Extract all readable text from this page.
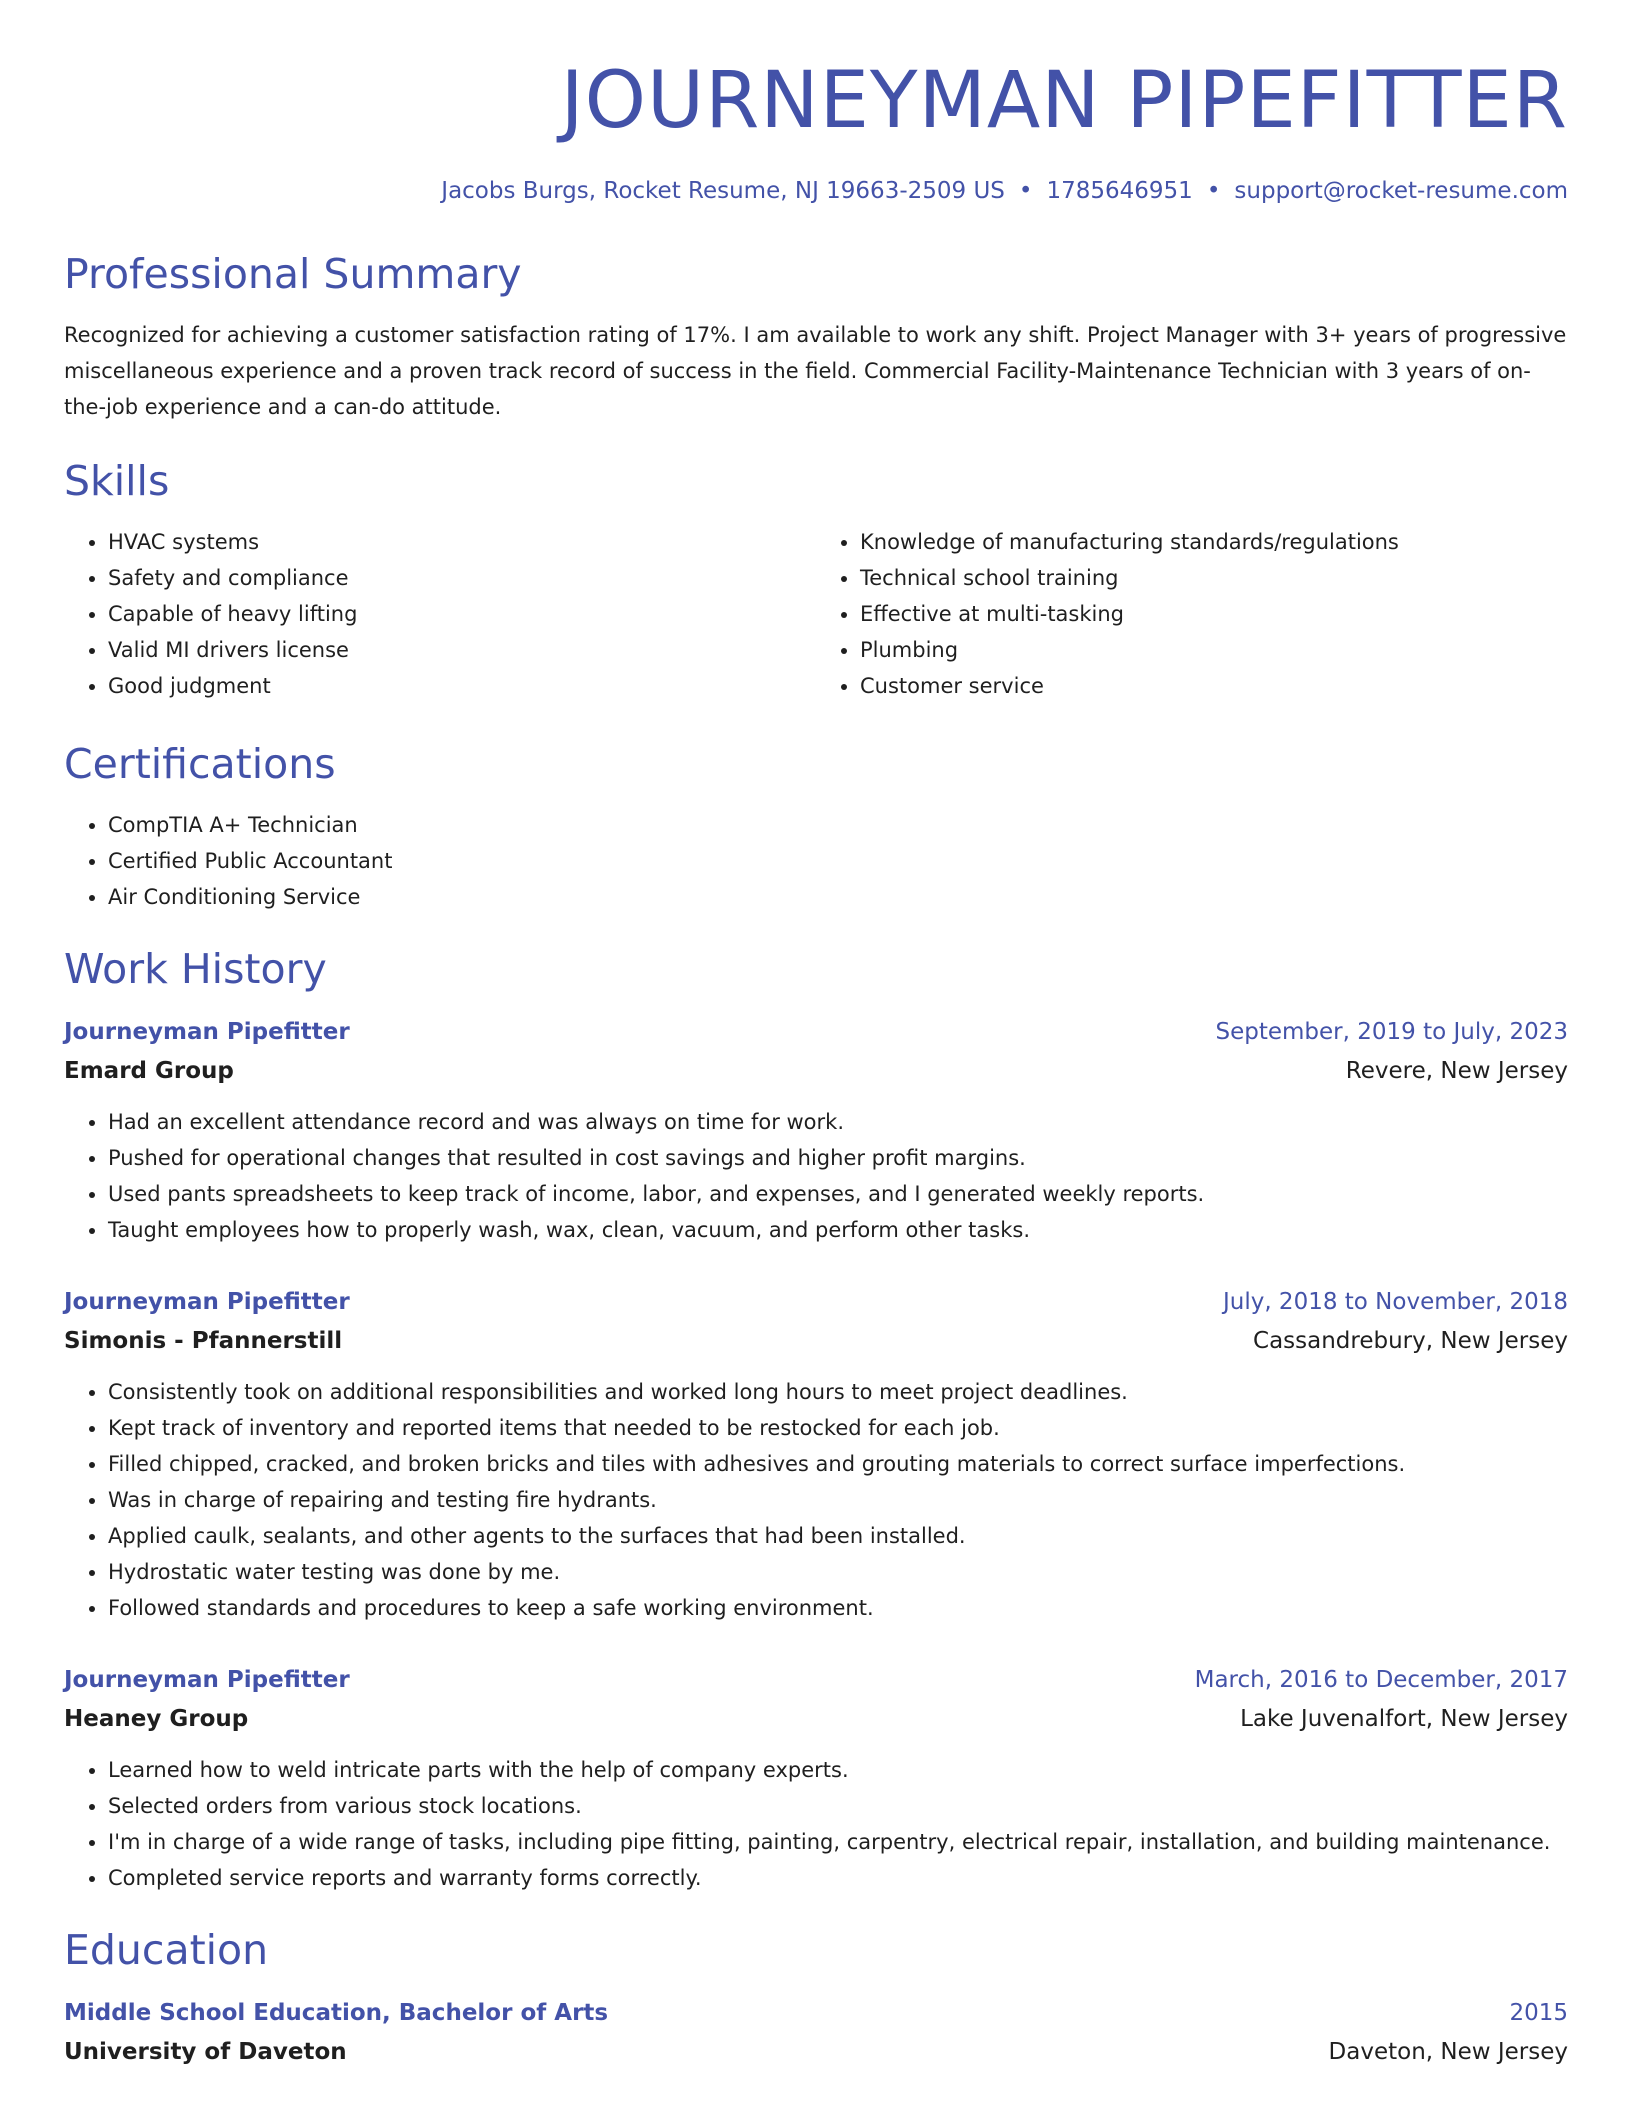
JOURNEYMAN PIPEFITTER
Jacobs Burgs, Rocket Resume, NJ 19663-2509 US • 1785646951 • support@rocket-resume.com
Professional Summary
Recognized for achieving a customer satisfaction rating of 17%. I am available to work any shift. Project Manager with 3+ years of progressive miscellaneous experience and a proven track record of success in the field. Commercial Facility-Maintenance Technician with 3 years of on-the-job experience and a can-do attitude.
Skills
• HVAC systems
• Safety and compliance
• Capable of heavy lifting
• Valid MI drivers license
• Good judgment
• Knowledge of manufacturing standards/regulations
• Technical school training
• Effective at multi-tasking
• Plumbing
• Customer service
Certifications
• CompTIA A+ Technician
• Certified Public Accountant
• Air Conditioning Service
Work History
Journeyman Pipefitter	September, 2019 to July, 2023
Emard Group	Revere, New Jersey
• Had an excellent attendance record and was always on time for work.
• Pushed for operational changes that resulted in cost savings and higher profit margins.
• Used pants spreadsheets to keep track of income, labor, and expenses, and I generated weekly reports.
• Taught employees how to properly wash, wax, clean, vacuum, and perform other tasks.
Journeyman Pipefitter	July, 2018 to November, 2018
Simonis - Pfannerstill	Cassandrebury, New Jersey
• Consistently took on additional responsibilities and worked long hours to meet project deadlines.
• Kept track of inventory and reported items that needed to be restocked for each job.
• Filled chipped, cracked, and broken bricks and tiles with adhesives and grouting materials to correct surface imperfections.
• Was in charge of repairing and testing fire hydrants.
• Applied caulk, sealants, and other agents to the surfaces that had been installed.
• Hydrostatic water testing was done by me.
• Followed standards and procedures to keep a safe working environment.
Journeyman Pipefitter	March, 2016 to December, 2017
Heaney Group	Lake Juvenalfort, New Jersey
• Learned how to weld intricate parts with the help of company experts.
• Selected orders from various stock locations.
• I'm in charge of a wide range of tasks, including pipe fitting, painting, carpentry, electrical repair, installation, and building maintenance.
• Completed service reports and warranty forms correctly.
Education
Middle School Education, Bachelor of Arts	2015
University of Daveton	Daveton, New Jersey
